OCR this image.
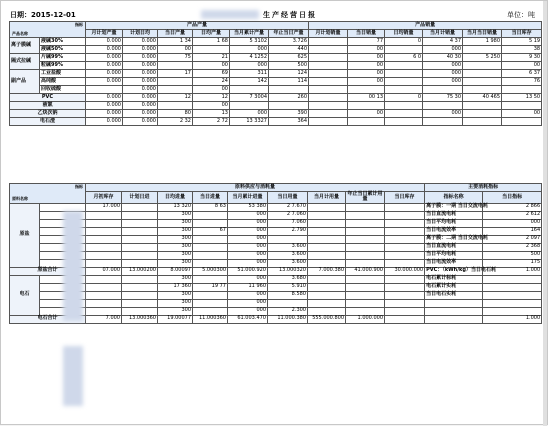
日期：2015-12-01	生产经营日报	单位：吨
指标
产品名称		产品产量						产品销量					
		月计划产量	计划日均	当日产量	日均产量	当月累计产量	年止当日产量	月计划销量	当日销量	日均销量	当月计销量	当月当日销量	当日库存
离子膜碱	液碱30%	0.000	0.000	1 34	1 68	5 3102	3.726		77	0	4 37	1 980	5 19
	液碱50%	0.000	0.000	00		000	440		00		000		38
隔式拉碱	片碱99%	0.000	0.000	75	21	4 1252	625		00	6 0	40 30	5 250	9 30
	粒碱99%	0.000	0.000		00	000	500		00		000		00
副产品	工业盐酸	0.000	0.000	17	69	311	124		00		000		6 37
	高纯酸	0.000	0.000		24	142	114		00		000		76
	回收硫酸		0.000		00								
PVC		0.000	0.000	12	12	7 3004	260		00 13	0	75 30	40 465	13 50
液氯		0.000	0.000		00								
乙炔次钠		0.000	0.000	80	13	000	390		00		000		00
电石渣		0.000	0.000	2 32	2 72	13 3327	364						
指标
原料名称		原料供应与消耗量									主要消耗指标	
		月初库存	计划日进	日均进量	当日进量	当月累计进量	当日用量	当月计用量	年止当日累计用量	当日库存	指标名称	当日指标
原盐		17.000		13 320	8 63	53 380	2 7.670				离子膜：一期 当日交流电耗	2 866
				300		000	2 7.060				当日直流电耗	2 612
				300		000	7.060				当日平均电耗	000
				300	67	000	2.790				当日电流效率	164
				300		000					离子膜：二期 当日交流电耗	2 097
				300		000	3.600				当日直流电耗	2 368
				300		000	3.600				当日平均电耗	500
				300		000	3.600				当日电流效率	175
原盐合计		07.000	13.000200	8.00097	5.000300	51.000.920	13.000320	7.000.380	41.000.900	30.000.000	PVC：（kWh/kg）当日电石耗	1.000
电石				300		000	3.680				电石累计标耗	
				17 360	19 77	11 960	5.910				电石累计实耗	
				300		000	8.580				当日电石实耗	
				300		000						
				300		000	2.300					
电石合计		7.000	13.000360	19.00077	11.000360	61.003.470	11.000.380	555.000.800	1.000.000			1.000
